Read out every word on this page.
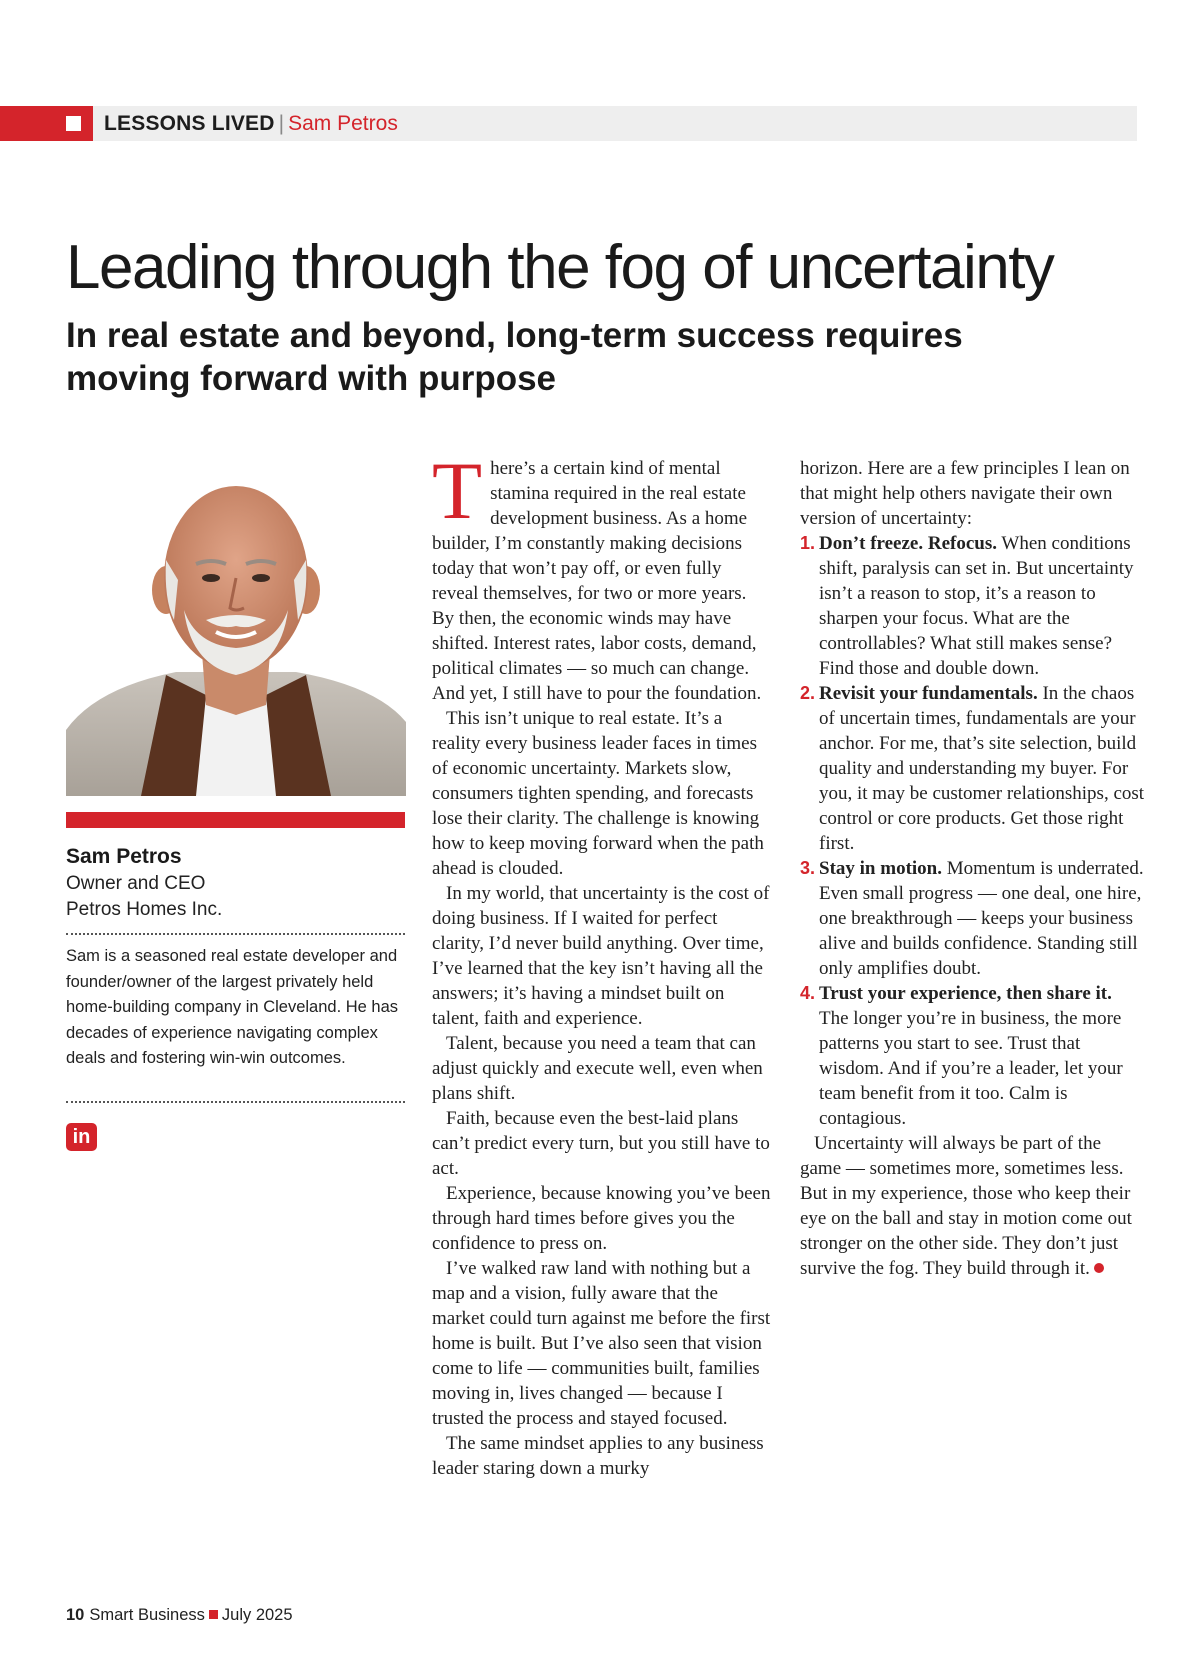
LESSONS LIVED | Sam Petros
Leading through the fog of uncertainty
In real estate and beyond, long-term success requires moving forward with purpose
Sam Petros
Owner and CEO
Petros Homes Inc.
Sam is a seasoned real estate developer and founder/owner of the largest privately held home-building company in Cleveland. He has decades of experience navigating complex deals and fostering win-win outcomes.
in

There’s a certain kind of mental stamina required in the real estate development business. As a home builder, I’m constantly making decisions today that won’t pay off, or even fully reveal themselves, for two or more years. By then, the economic winds may have shifted. Interest rates, labor costs, demand, political climates — so much can change. And yet, I still have to pour the foundation.

This isn’t unique to real estate. It’s a reality every business leader faces in times of economic uncertainty. Markets slow, consumers tighten spending, and forecasts lose their clarity. The challenge is knowing how to keep moving forward when the path ahead is clouded.

In my world, that uncertainty is the cost of doing business. If I waited for perfect clarity, I’d never build anything. Over time, I’ve learned that the key isn’t having all the answers; it’s having a mindset built on talent, faith and experience.

Talent, because you need a team that can adjust quickly and execute well, even when plans shift.

Faith, because even the best-laid plans can’t predict every turn, but you still have to act.

Experience, because knowing you’ve been through hard times before gives you the confidence to press on.

I’ve walked raw land with nothing but a map and a vision, fully aware that the market could turn against me before the first home is built. But I’ve also seen that vision come to life — communities built, families moving in, lives changed — because I trusted the process and stayed focused.

The same mindset applies to any business leader staring down a murky

horizon. Here are a few principles I lean on that might help others navigate their own version of uncertainty:

1. Don’t freeze. Refocus. When conditions shift, paralysis can set in. But uncertainty isn’t a reason to stop, it’s a reason to sharpen your focus. What are the controllables? What still makes sense? Find those and double down.

2. Revisit your fundamentals. In the chaos of uncertain times, fundamentals are your anchor. For me, that’s site selection, build quality and understanding my buyer. For you, it may be customer relationships, cost control or core products. Get those right first.

3. Stay in motion. Momentum is underrated. Even small progress — one deal, one hire, one breakthrough — keeps your business alive and builds confidence. Standing still only amplifies doubt.

4. Trust your experience, then share it. The longer you’re in business, the more patterns you start to see. Trust that wisdom. And if you’re a leader, let your team benefit from it too. Calm is contagious.

Uncertainty will always be part of the game — sometimes more, sometimes less. But in my experience, those who keep their eye on the ball and stay in motion come out stronger on the other side. They don’t just survive the fog. They build through it.

10 Smart Business July 2025
